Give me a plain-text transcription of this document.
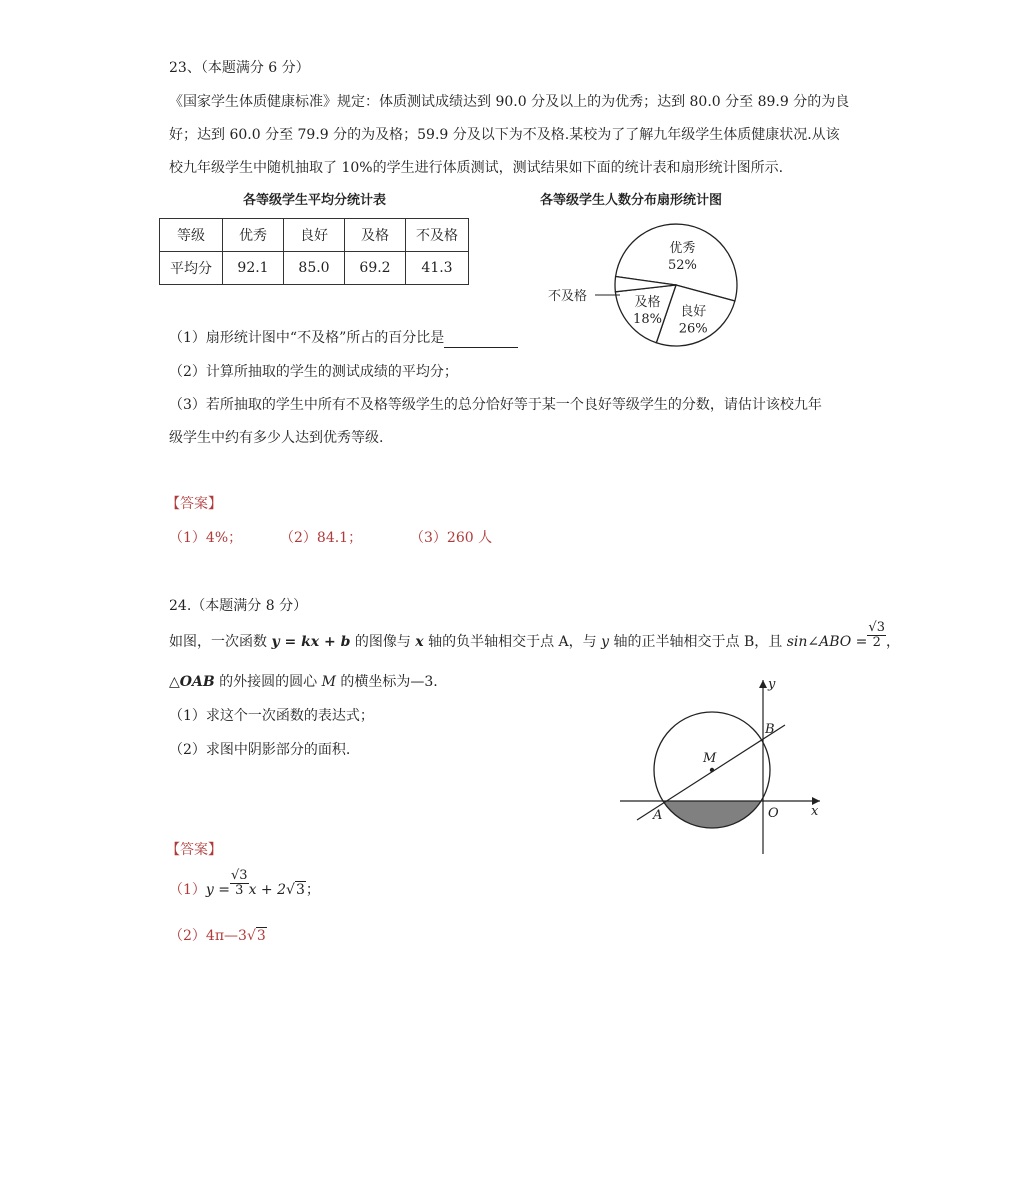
23、（本题满分 6 分）
《国家学生体质健康标准》规定：体质测试成绩达到 90.0 分及以上的为优秀；达到 80.0 分至 89.9 分的为良
好；达到 60.0 分至 79.9 分的为及格；59.9 分及以下为不及格.某校为了了解九年级学生体质健康状况.从该
校九年级学生中随机抽取了 10%的学生进行体质测试，测试结果如下面的统计表和扇形统计图所示.
各等级学生平均分统计表
等级	优秀	良好	及格	不及格
平均分	92.1	85.0	69.2	41.3
各等级学生人数分布扇形统计图
优秀
52%
良好
26%
及格
18%
不及格
（1）扇形统计图中“不及格”所占的百分比是
（2）计算所抽取的学生的测试成绩的平均分；
（3）若所抽取的学生中所有不及格等级学生的总分恰好等于某一个良好等级学生的分数，请估计该校九年
级学生中约有多少人达到优秀等级.
【答案】
（1）4%；	（2）84.1；	（3）260 人
24.（本题满分 8 分）
如图，一次函数 y = kx + b 的图像与 x 轴的负半轴相交于点 A，与 y 轴的正半轴相交于点 B，且 sin∠ABO = $\frac{√3}{2}$ ，
△OAB 的外接圆的圆心 M 的横坐标为—3.
（1）求这个一次函数的表达式；
（2）求图中阴影部分的面积.
y
x
B
M
A	O
【答案】
$(1)y = \frac{√3}{3}$ x + 2√3；
（2）4π—3√3
